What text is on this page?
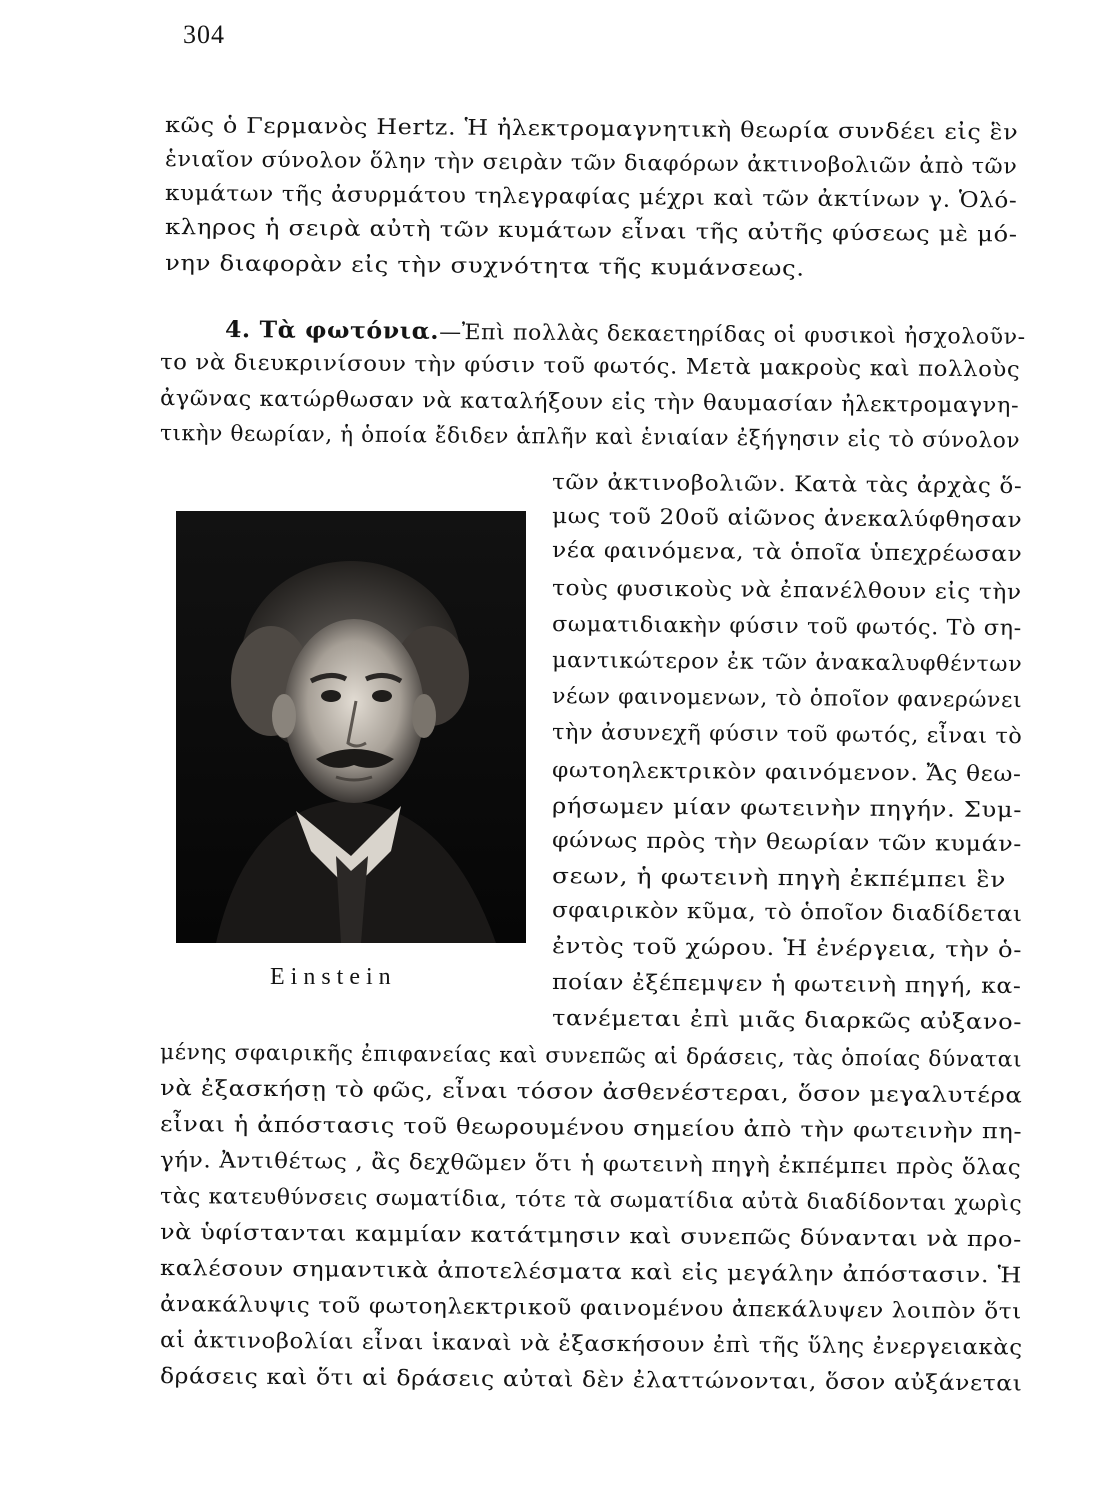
304
κῶς ὁ Γερμανὸς Hertz. Ἡ ἠλεκτρομαγνητικὴ θεωρία συνδέει εἰς ἓν
ἑνιαῖον σύνολον ὅλην τὴν σειρὰν τῶν διαφόρων ἀκτινοβολιῶν ἀπὸ τῶν
κυμάτων τῆς ἀσυρμάτου τηλεγραφίας μέχρι καὶ τῶν ἀκτίνων γ. Ὁλό-
κληρος ἡ σειρὰ αὐτὴ τῶν κυμάτων εἶναι τῆς αὐτῆς φύσεως μὲ μό-
νην διαφορὰν εἰς τὴν συχνότητα τῆς κυμάνσεως.
4. Τὰ φωτόνια.—Ἐπὶ πολλὰς δεκαετηρίδας οἱ φυσικοὶ ἠσχολοῦν-
το νὰ διευκρινίσουν τὴν φύσιν τοῦ φωτός. Μετὰ μακροὺς καὶ πολλοὺς
ἀγῶνας κατώρθωσαν νὰ καταλήξουν εἰς τὴν θαυμασίαν ἠλεκτρομαγνη-
τικὴν θεωρίαν, ἡ ὁποία ἔδιδεν ἁπλῆν καὶ ἑνιαίαν ἐξήγησιν εἰς τὸ σύνολον
Einstein
τῶν ἀκτινοβολιῶν. Κατὰ τὰς ἀρχὰς ὅ-
μως τοῦ 20οῦ αἰῶνος ἀνεκαλύφθησαν
νέα φαινόμενα, τὰ ὁποῖα ὑπεχρέωσαν
τοὺς φυσικοὺς νὰ ἐπανέλθουν εἰς τὴν
σωματιδιακὴν φύσιν τοῦ φωτός. Τὸ ση-
μαντικώτερον ἐκ τῶν ἀνακαλυφθέντων
νέων φαινομενων, τὸ ὁποῖον φανερώνει
τὴν ἀσυνεχῆ φύσιν τοῦ φωτός, εἶναι τὸ
φωτοηλεκτρικὸν φαινόμενον. Ἄς θεω-
ρήσωμεν μίαν φωτεινὴν πηγήν. Συμ-
φώνως πρὸς τὴν θεωρίαν τῶν κυμάν-
σεων, ἡ φωτεινὴ πηγὴ ἐκπέμπει ἓν
σφαιρικὸν κῦμα, τὸ ὁποῖον διαδίδεται
ἐντὸς τοῦ χώρου. Ἡ ἐνέργεια, τὴν ὁ-
ποίαν ἐξέπεμψεν ἡ φωτεινὴ πηγή, κα-
τανέμεται ἐπὶ μιᾶς διαρκῶς αὐξανο-
μένης σφαιρικῆς ἐπιφανείας καὶ συνεπῶς αἱ δράσεις, τὰς ὁποίας δύναται
νὰ ἐξασκήσῃ τὸ φῶς, εἶναι τόσον ἀσθενέστεραι, ὅσον μεγαλυτέρα
εἶναι ἡ ἀπόστασις τοῦ θεωρουμένου σημείου ἀπὸ τὴν φωτεινὴν πη-
γήν. Ἀντιθέτως , ἂς δεχθῶμεν ὅτι ἡ φωτεινὴ πηγὴ ἐκπέμπει πρὸς ὅλας
τὰς κατευθύνσεις σωματίδια, τότε τὰ σωματίδια αὐτὰ διαδίδονται χωρὶς
νὰ ὑφίστανται καμμίαν κατάτμησιν καὶ συνεπῶς δύνανται νὰ προ-
καλέσουν σημαντικὰ ἀποτελέσματα καὶ εἰς μεγάλην ἀπόστασιν. Ἡ
ἀνακάλυψις τοῦ φωτοηλεκτρικοῦ φαινομένου ἀπεκάλυψεν λοιπὸν ὅτι
αἱ ἀκτινοβολίαι εἶναι ἱκαναὶ νὰ ἐξασκήσουν ἐπὶ τῆς ὕλης ἐνεργειακὰς
δράσεις καὶ ὅτι αἱ δράσεις αὐταὶ δὲν ἐλαττώνονται, ὅσον αὐξάνεται
